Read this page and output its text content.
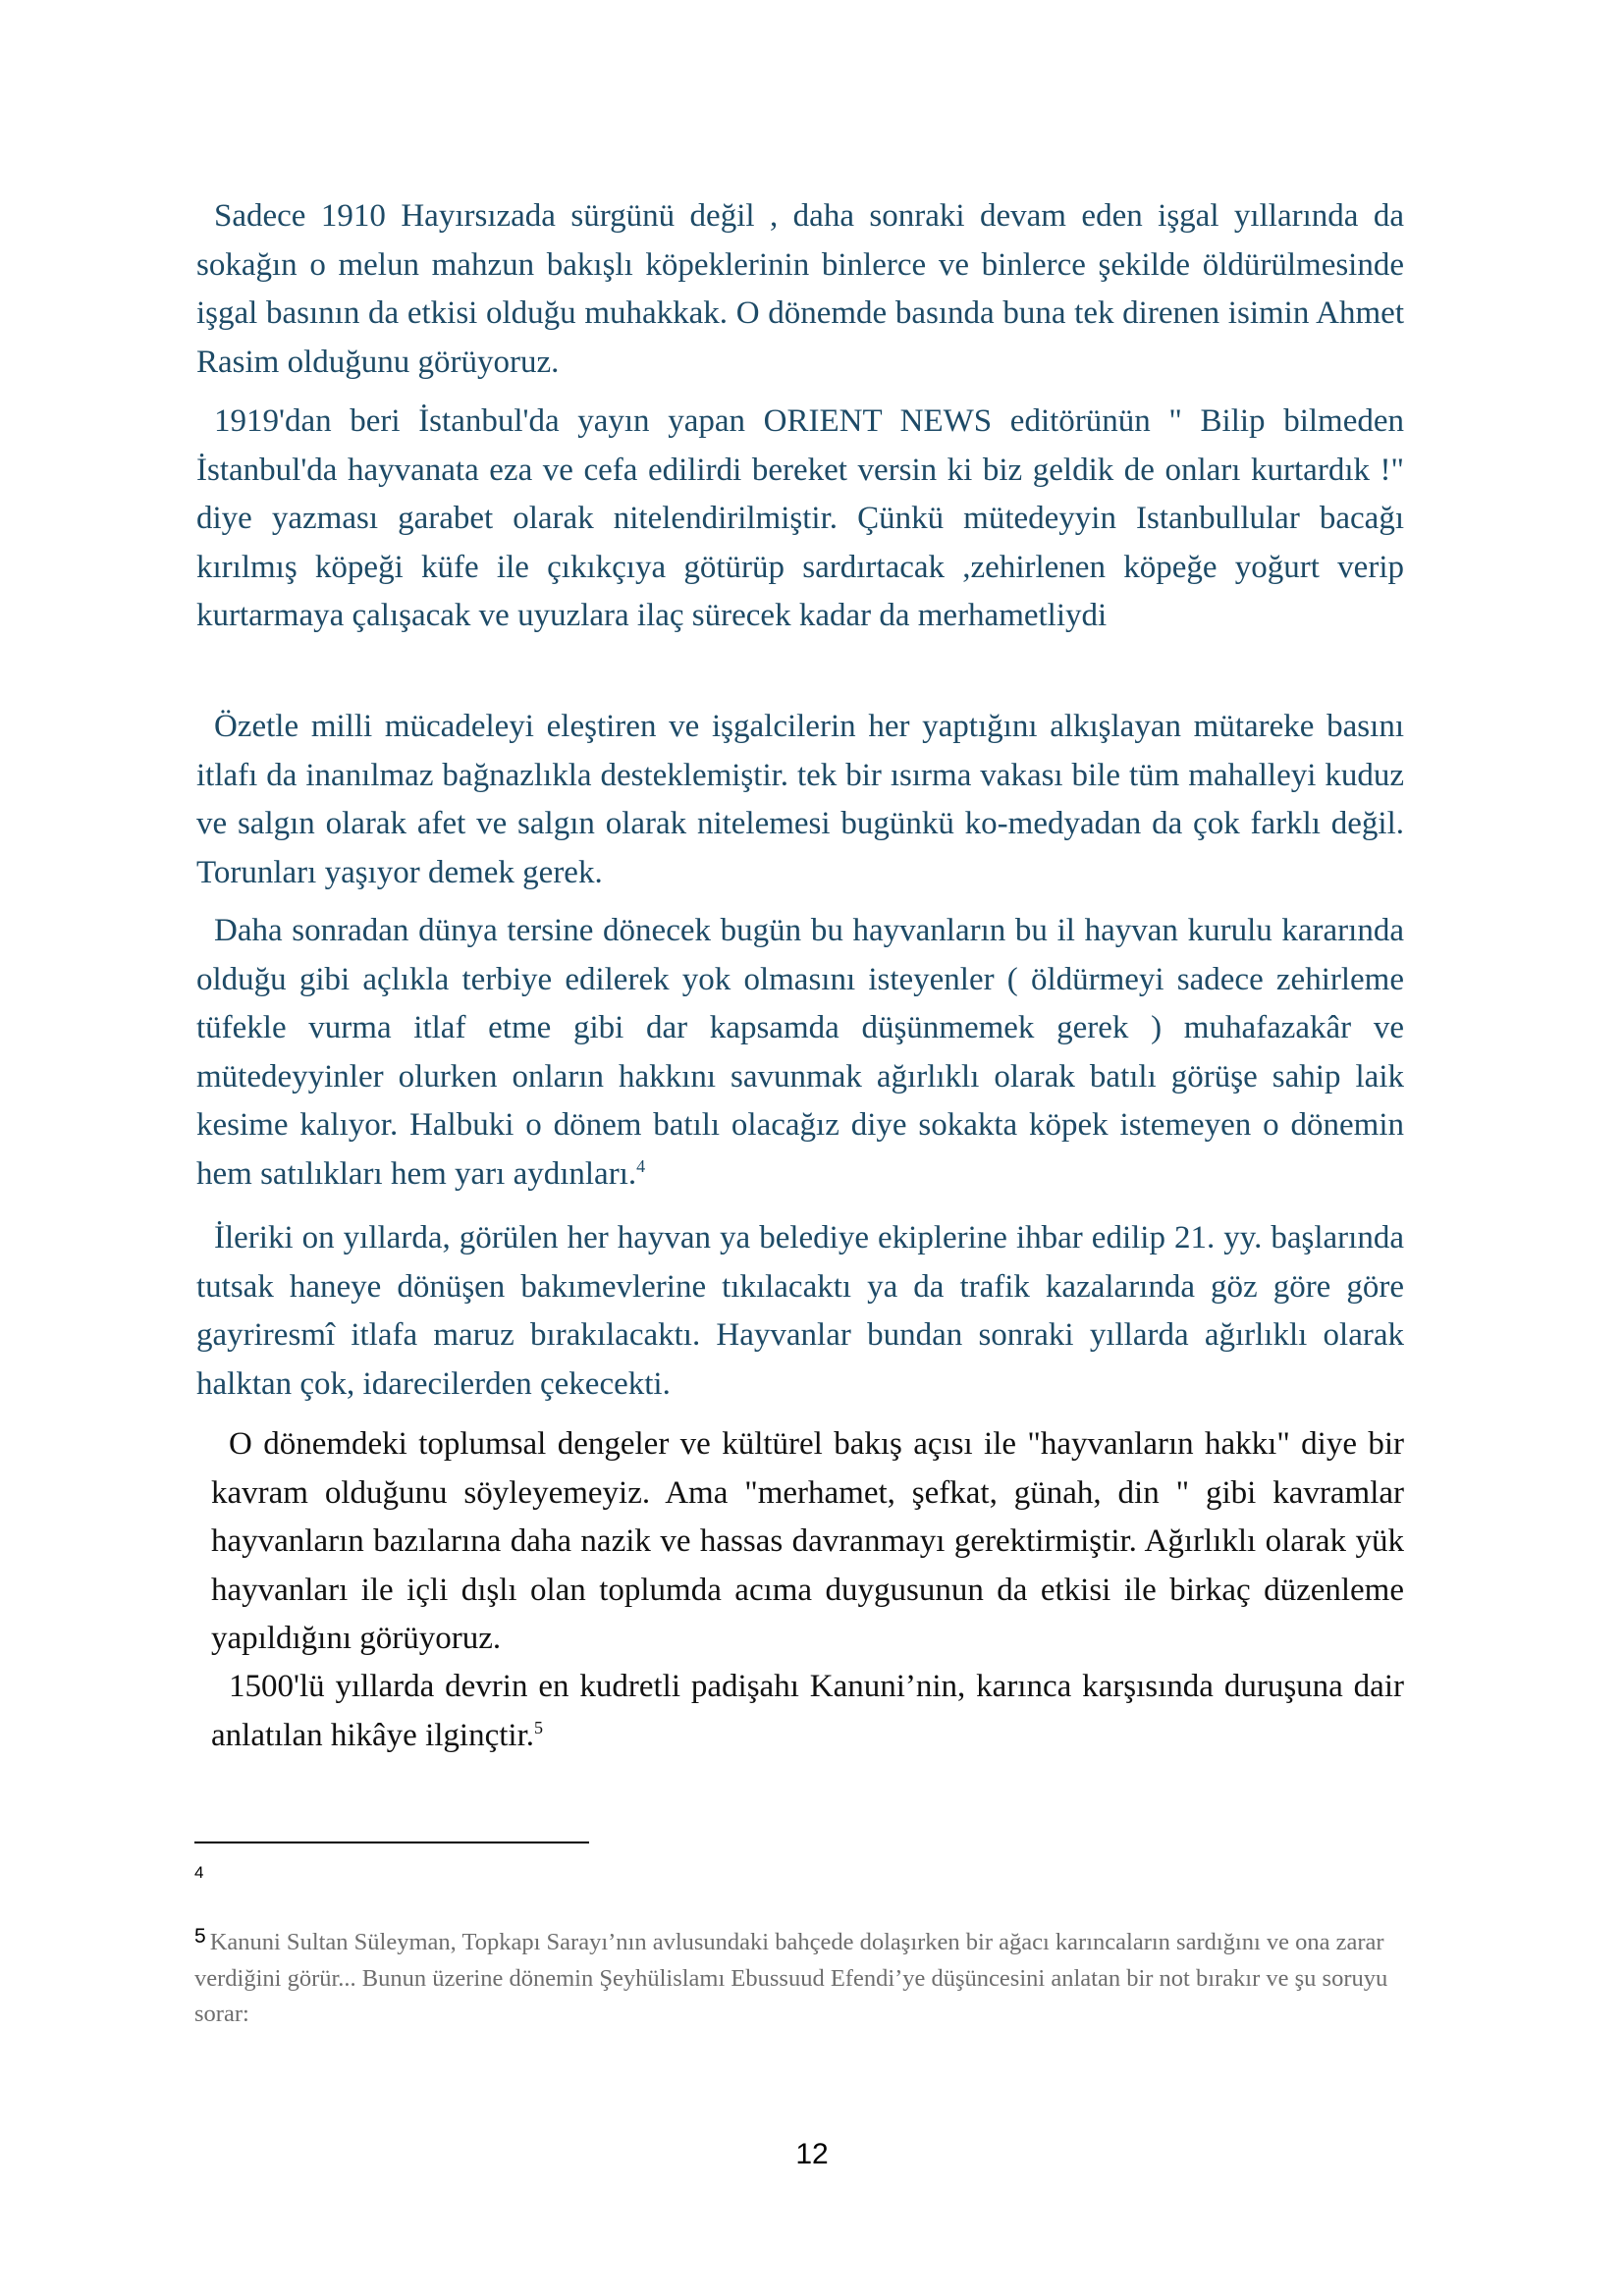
Sadece 1910 Hayırsızada sürgünü değil , daha sonraki devam eden işgal yıllarında da sokağın o melun mahzun bakışlı köpeklerinin binlerce ve binlerce şekilde öldürülmesinde işgal basının da etkisi olduğu muhakkak. O dönemde basında buna tek direnen isimin Ahmet Rasim olduğunu görüyoruz.

1919'dan beri İstanbul'da yayın yapan ORIENT NEWS editörünün " Bilip bilmeden İstanbul'da hayvanata eza ve cefa edilirdi bereket versin ki biz geldik de onları kurtardık !" diye yazması garabet olarak nitelendirilmiştir. Çünkü mütedeyyin Istanbullular bacağı kırılmış köpeği küfe ile çıkıkçıya götürüp sardırtacak ,zehirlenen köpeğe yoğurt verip kurtarmaya çalışacak ve uyuzlara ilaç sürecek kadar da merhametliydi

Özetle milli mücadeleyi eleştiren ve işgalcilerin her yaptığını alkışlayan mütareke basını itlafı da inanılmaz bağnazlıkla desteklemiştir. tek bir ısırma vakası bile tüm mahalleyi kuduz ve salgın olarak afet ve salgın olarak nitelemesi bugünkü ko-medyadan da çok farklı değil. Torunları yaşıyor demek gerek.

Daha sonradan dünya tersine dönecek bugün bu hayvanların bu il hayvan kurulu kararında olduğu gibi açlıkla terbiye edilerek yok olmasını isteyenler ( öldürmeyi sadece zehirleme tüfekle vurma itlaf etme gibi dar kapsamda düşünmemek gerek ) muhafazakâr ve mütedeyyinler olurken onların hakkını savunmak ağırlıklı olarak batılı görüşe sahip laik kesime kalıyor. Halbuki o dönem batılı olacağız diye sokakta köpek istemeyen o dönemin hem satılıkları hem yarı aydınları.$^4$

İleriki on yıllarda, görülen her hayvan ya belediye ekiplerine ihbar edilip 21. yy. başlarında tutsak haneye dönüşen bakımevlerine tıkılacaktı ya da trafik kazalarında göz göre göre gayriresmî itlafa maruz bırakılacaktı. Hayvanlar bundan sonraki yıllarda ağırlıklı olarak halktan çok, idarecilerden çekecekti.

O dönemdeki toplumsal dengeler ve kültürel bakış açısı ile "hayvanların hakkı" diye bir kavram olduğunu söyleyemeyiz. Ama "merhamet, şefkat, günah, din " gibi kavramlar hayvanların bazılarına daha nazik ve hassas davranmayı gerektirmiştir. Ağırlıklı olarak yük hayvanları ile içli dışlı olan toplumda acıma duygusunun da etkisi ile birkaç düzenleme yapıldığını görüyoruz.

1500'lü yıllarda devrin en kudretli padişahı Kanuni’nin, karınca karşısında duruşuna dair anlatılan hikâye ilginçtir.$^5$

4
5 Kanuni Sultan Süleyman, Topkapı Sarayı’nın avlusundaki bahçede dolaşırken bir ağacı karıncaların sardığını ve ona zarar verdiğini görür... Bunun üzerine dönemin Şeyhülislamı Ebussuud Efendi’ye düşüncesini anlatan bir not bırakır ve şu soruyu sorar:
12
